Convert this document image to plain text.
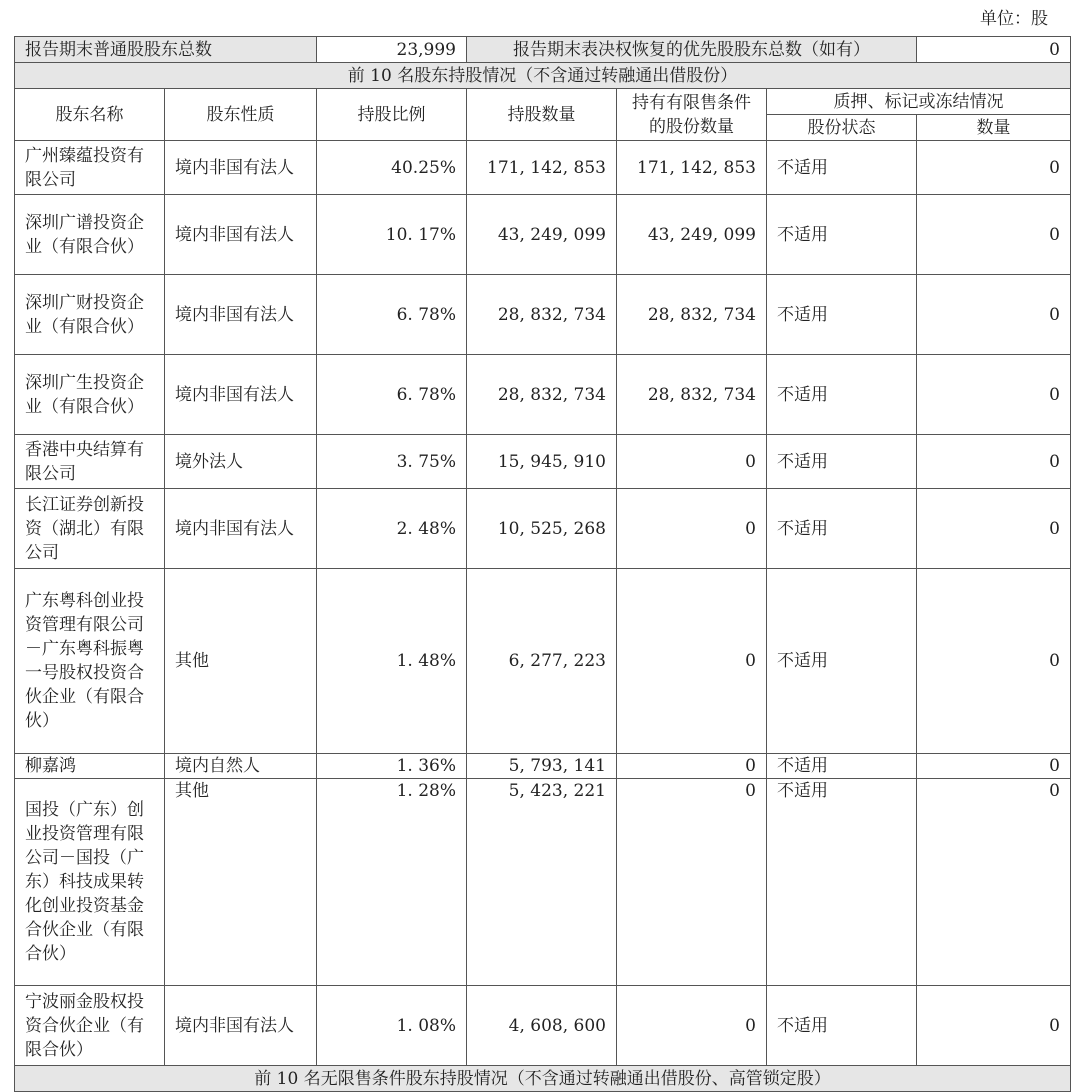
单位：股
报告期末普通股股东总数		23,999	报告期末表决权恢复的优先股股东总数（如有）			0
前 10 名股东持股情况（不含通过转融通出借股份）						
股东名称	股东性质	持股比例	持股数量	持有有限售条件的股份数量	质押、标记或冻结情况	
					股份状态	数量
广州臻蕴投资有限公司	境内非国有法人	40.25%	171, 142, 853	171, 142, 853	不适用	0
深圳广谱投资企业（有限合伙）	境内非国有法人	10. 17%	43, 249, 099	43, 249, 099	不适用	0
深圳广财投资企业（有限合伙）	境内非国有法人	6. 78%	28, 832, 734	28, 832, 734	不适用	0
深圳广生投资企业（有限合伙）	境内非国有法人	6. 78%	28, 832, 734	28, 832, 734	不适用	0
香港中央结算有限公司	境外法人	3. 75%	15, 945, 910	0	不适用	0
长江证券创新投资（湖北）有限公司	境内非国有法人	2. 48%	10, 525, 268	0	不适用	0
广东粤科创业投资管理有限公司－广东粤科振粤一号股权投资合伙企业（有限合伙）	其他	1. 48%	6, 277, 223	0	不适用	0
柳嘉鸿	境内自然人	1. 36%	5, 793, 141	0	不适用	0
国投（广东）创业投资管理有限公司－国投（广东）科技成果转化创业投资基金合伙企业（有限合伙）	其他	1. 28%	5, 423, 221	0	不适用	0
宁波丽金股权投资合伙企业（有限合伙）	境内非国有法人	1. 08%	4, 608, 600	0	不适用	0
前 10 名无限售条件股东持股情况（不含通过转融通出借股份、高管锁定股）						
